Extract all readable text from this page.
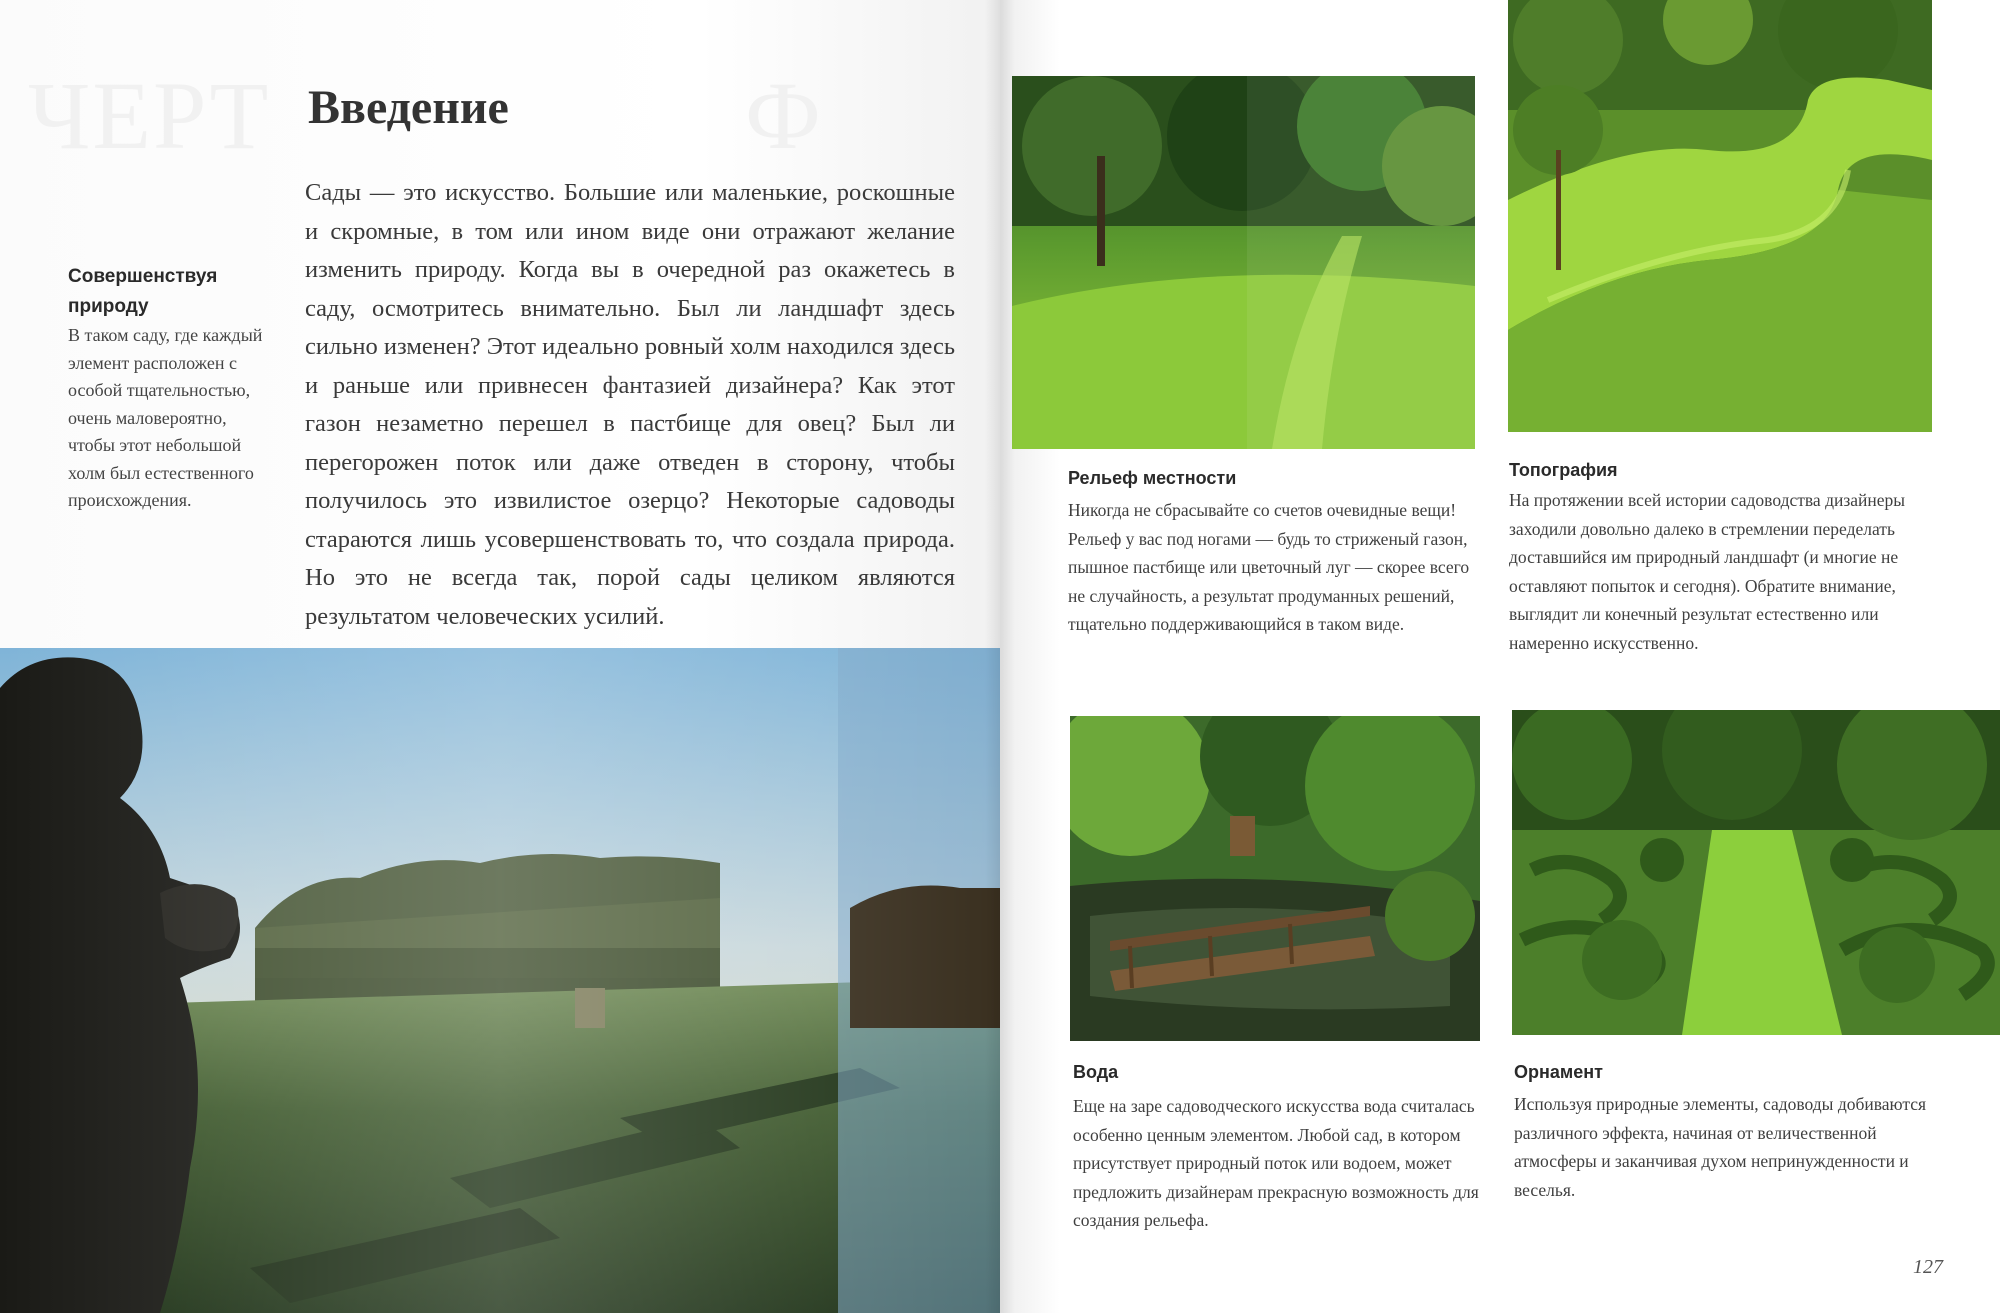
ЧЕРТ	Ф
Введение
Сады — это искусство. Большие или маленькие, роскошные и скромные, в том или ином виде они отражают желание изменить природу. Когда вы в очередной раз окажетесь в саду, осмотритесь внимательно. Был ли ландшафт здесь сильно изменен? Этот идеально ровный холм находился здесь и раньше или привнесен фантазией дизайнера? Как этот газон незаметно перешел в пастбище для овец? Был ли перегорожен поток или даже отведен в сторону, чтобы получилось это извилистое озерцо? Некоторые садоводы стараются лишь усовершенствовать то, что создала природа. Но это не всегда так, порой сады целиком являются результатом человеческих усилий.
Совершенствуя природу
В таком саду, где каждый элемент расположен с особой тщательностью, очень маловероятно, чтобы этот небольшой холм был естественного происхождения.
Рельеф местности
Никогда не сбрасывайте со счетов очевидные вещи! Рельеф у вас под ногами — будь то стриженый газон, пышное пастбище или цветочный луг — скорее всего не случайность, а результат продуманных решений, тщательно поддерживающийся в таком виде.
Топография
На протяжении всей истории садоводства дизайнеры заходили довольно далеко в стремлении переделать доставшийся им природный ландшафт (и многие не оставляют попыток и сегодня). Обратите внимание, выглядит ли конечный результат естественно или намеренно искусственно.
Вода
Еще на заре садоводческого искусства вода считалась особенно ценным элементом. Любой сад, в котором присутствует природный поток или водоем, может предложить дизайнерам прекрасную возможность для создания рельефа.
Орнамент
Используя природные элементы, садоводы добиваются различного эффекта, начиная от величественной атмосферы и заканчивая духом непринужденности и веселья.
127
